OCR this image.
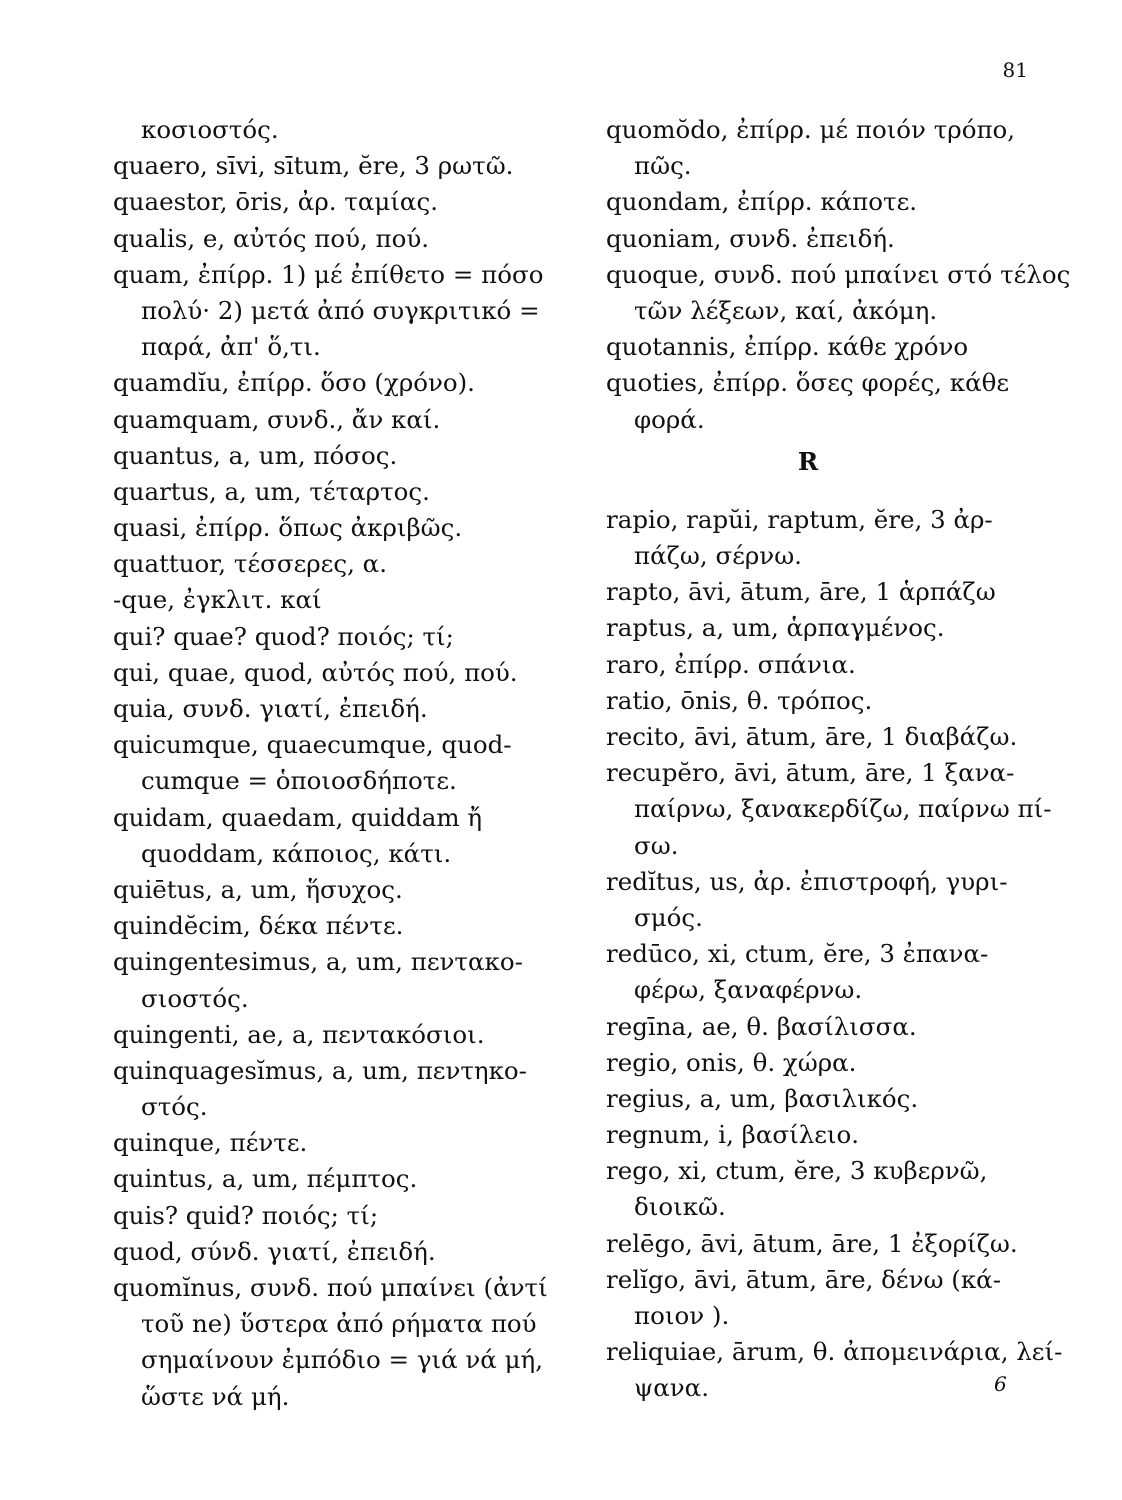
81
κοσιοστός.
quaero, sīvi, sītum, ĕre, 3 ρωτῶ.
quaestor, ōris, ἀρ. ταμίας.
qualis, e, αὐτός πού, πού.
quam, ἐπίρρ. 1) μέ ἐπίθετο = πόσο
πολύ· 2) μετά ἀπό συγκριτικό =
παρά, ἀπ' ὅ,τι.
quamdĭu, ἐπίρρ. ὅσο (χρόνο).
quamquam, συνδ., ἄν καί.
quantus, a, um, πόσος.
quartus, a, um, τέταρτος.
quasi, ἐπίρρ. ὅπως ἀκριβῶς.
quattuor, τέσσερες, α.
-que, ἐγκλιτ. καί
qui? quae? quod? ποιός; τί;
qui, quae, quod, αὐτός πού, πού.
quia, συνδ. γιατί, ἐπειδή.
quicumque, quaecumque, quod-
cumque = ὁποιοσδήποτε.
quidam, quaedam, quiddam ἤ
quoddam, κάποιος, κάτι.
quiētus, a, um, ἥσυχος.
quindĕcim, δέκα πέντε.
quingentesimus, a, um, πεντακο-
σιοστός.
quingenti, ae, a, πεντακόσιοι.
quinquagesĭmus, a, um, πεντηκο-
στός.
quinque, πέντε.
quintus, a, um, πέμπτος.
quis? quid? ποιός; τί;
quod, σύνδ. γιατί, ἐπειδή.
quomĭnus, συνδ. πού μπαίνει (ἀντί
τοῦ ne) ὕστερα ἀπό ρήματα πού
σημαίνουν ἐμπόδιο = γιά νά μή,
ὥστε νά μή.
quomŏdo, ἐπίρρ. μέ ποιόν τρόπο,
πῶς.
quondam, ἐπίρρ. κάποτε.
quoniam, συνδ. ἐπειδή.
quoque, συνδ. πού μπαίνει στό τέλος
τῶν λέξεων, καί, ἀκόμη.
quotannis, ἐπίρρ. κάθε χρόνο
quoties, ἐπίρρ. ὅσες φορές, κάθε
φορά.
R
rapio, rapŭi, raptum, ĕre, 3 ἀρ-
πάζω, σέρνω.
rapto, āvi, ātum, āre, 1 ἁρπάζω
raptus, a, um, ἁρπαγμένος.
raro, ἐπίρρ. σπάνια.
ratio, ōnis, θ. τρόπος.
recito, āvi, ātum, āre, 1 διαβάζω.
recupĕro, āvi, ātum, āre, 1 ξανα-
παίρνω, ξανακερδίζω, παίρνω πί-
σω.
redĭtus, us, ἀρ. ἐπιστροφή, γυρι-
σμός.
redūco, xi, ctum, ĕre, 3 ἐπανα-
φέρω, ξαναφέρνω.
regīna, ae, θ. βασίλισσα.
regio, onis, θ. χώρα.
regius, a, um, βασιλικός.
regnum, i, βασίλειο.
rego, xi, ctum, ĕre, 3 κυβερνῶ,
διοικῶ.
relēgo, āvi, ātum, āre, 1 ἐξορίζω.
relĭgo, āvi, ātum, āre, δένω (κά-
ποιον ).
reliquiae, ārum, θ. ἀπομεινάρια, λεί-
ψανα.	6
